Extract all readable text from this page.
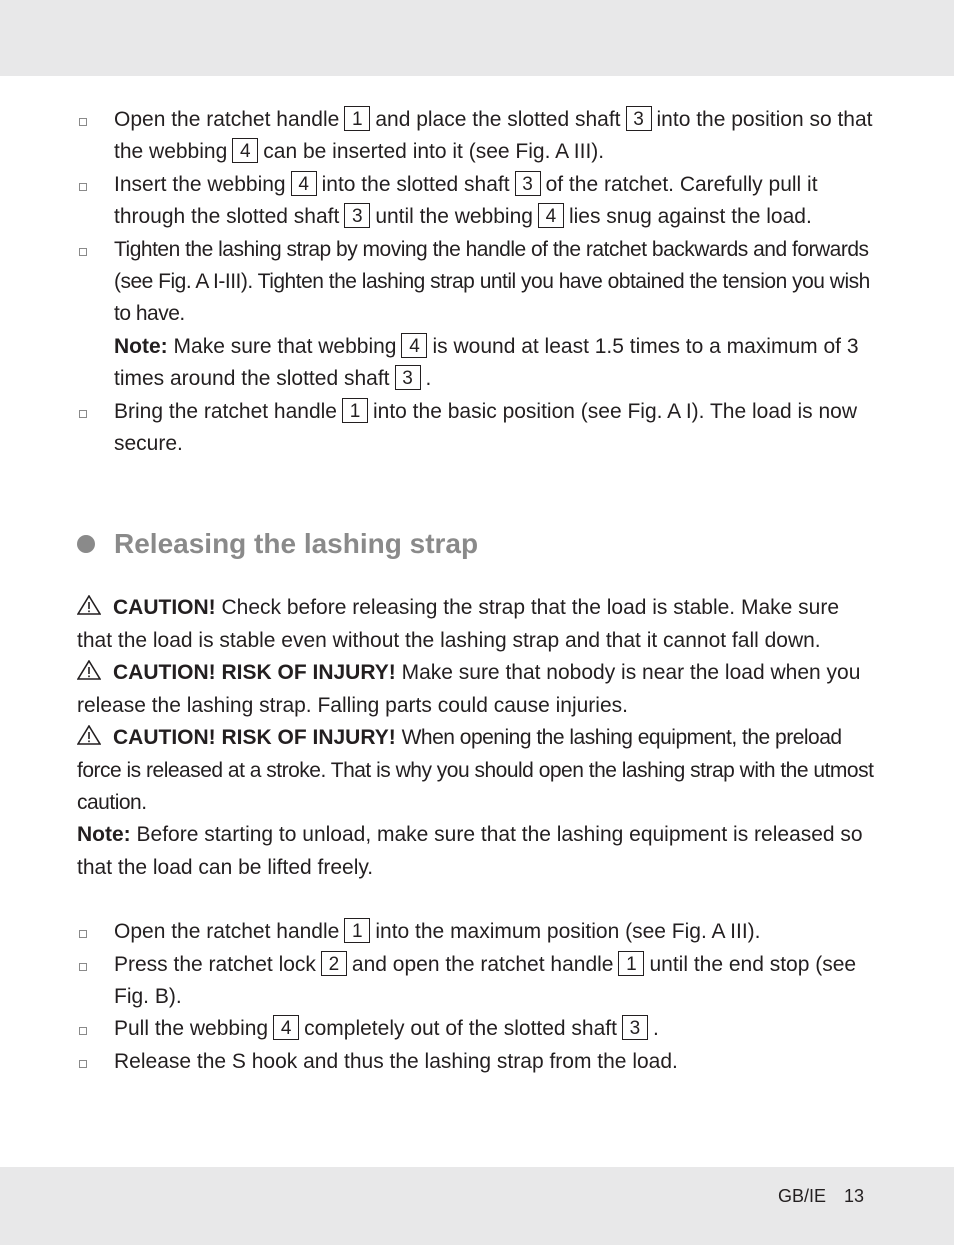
Open the ratchet handle 1 and place the slotted shaft 3 into the position so that the webbing 4 can be inserted into it (see Fig. A III).
Insert the webbing 4 into the slotted shaft 3 of the ratchet. Carefully pull it through the slotted shaft 3 until the webbing 4 lies snug against the load.
Tighten the lashing strap by moving the handle of the ratchet backwards and forwards (see Fig. A I-III). Tighten the lashing strap until you have obtained the tension you wish to have.
Note: Make sure that webbing 4 is wound at least 1.5 times to a maximum of 3 times around the slotted shaft 3 .
Bring the ratchet handle 1 into the basic position (see Fig. A I). The load is now secure.
Releasing the lashing strap

CAUTION! Check before releasing the strap that the load is stable. Make sure that the load is stable even without the lashing strap and that it cannot fall down.

CAUTION! RISK OF INJURY! Make sure that nobody is near the load when you release the lashing strap. Falling parts could cause injuries.

CAUTION! RISK OF INJURY! When opening the lashing equipment, the preload force is released at a stroke. That is why you should open the lashing strap with the utmost caution.

Note: Before starting to unload, make sure that the lashing equipment is released so that the load can be lifted freely.

Open the ratchet handle 1 into the maximum position (see Fig. A III).
Press the ratchet lock 2 and open the ratchet handle 1 until the end stop (see Fig. B).
Pull the webbing 4 completely out of the slotted shaft 3 .
Release the S hook and thus the lashing strap from the load.
GB/IE 13
